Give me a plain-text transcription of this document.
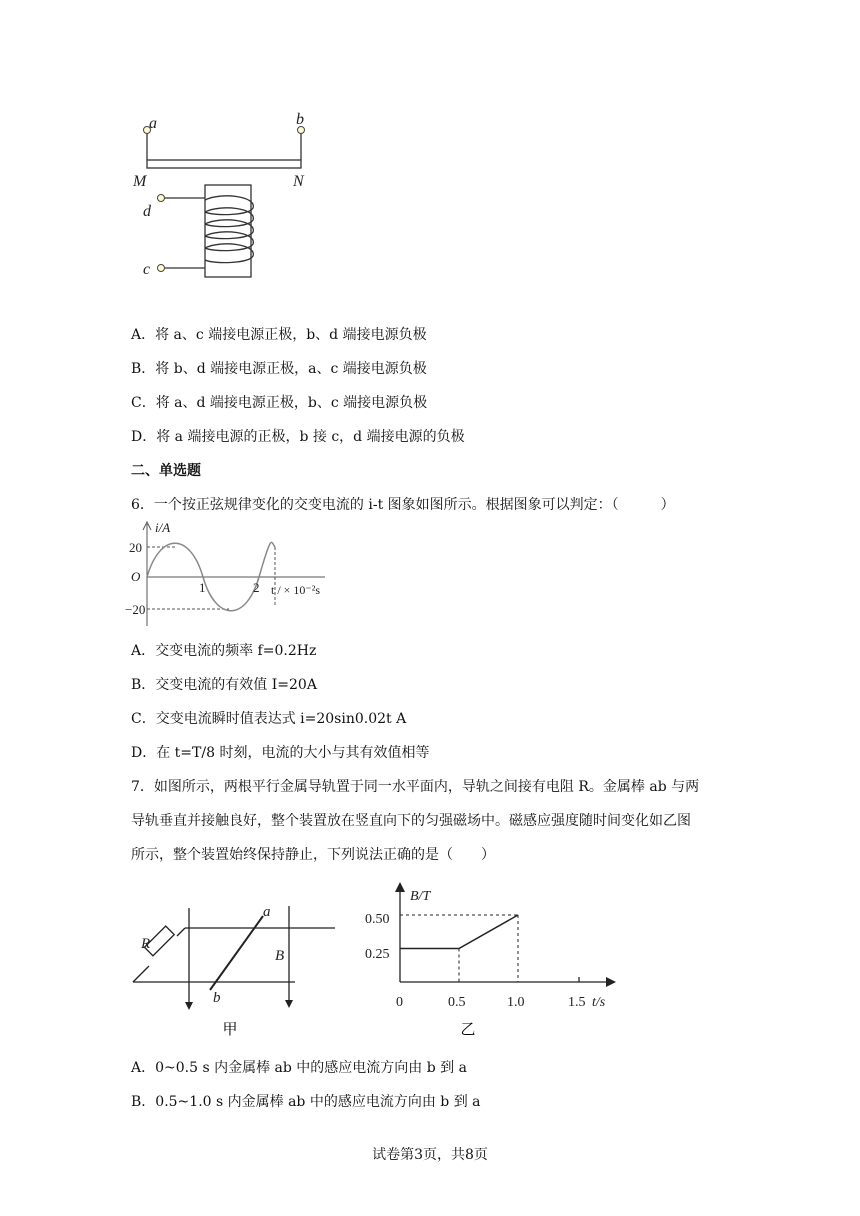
a	b
M	N
d
c
A．将 a、c 端接电源正极，b、d 端接电源负极
B．将 b、d 端接电源正极，a、c 端接电源负极
C．将 a、d 端接电源正极，b、c 端接电源负极
D．将 a 端接电源的正极，b 接 c，d 端接电源的负极
二、单选题
6．一个按正弦规律变化的交变电流的 i-t 图象如图所示。根据图象可以判定：（　　　）
i/A
20
O
−20
1	2 t / × 10⁻²s
A．交变电流的频率 f=0.2Hz
B．交变电流的有效值 I=20A
C．交变电流瞬时值表达式 i=20sin0.02t A
D．在 t=T/8 时刻，电流的大小与其有效值相等
7．如图所示，两根平行金属导轨置于同一水平面内，导轨之间接有电阻 R。金属棒 ab 与两
导轨垂直并接触良好，整个装置放在竖直向下的匀强磁场中。磁感应强度随时间变化如乙图
所示，整个装置始终保持静止，下列说法正确的是（　　）
R
a
b
B
甲
B/T
0.50
0.25
0	0.5	1.0	1.5 t/s
乙
A．0~0.5 s 内金属棒 ab 中的感应电流方向由 b 到 a
B．0.5~1.0 s 内金属棒 ab 中的感应电流方向由 b 到 a
试卷第3页，共8页
